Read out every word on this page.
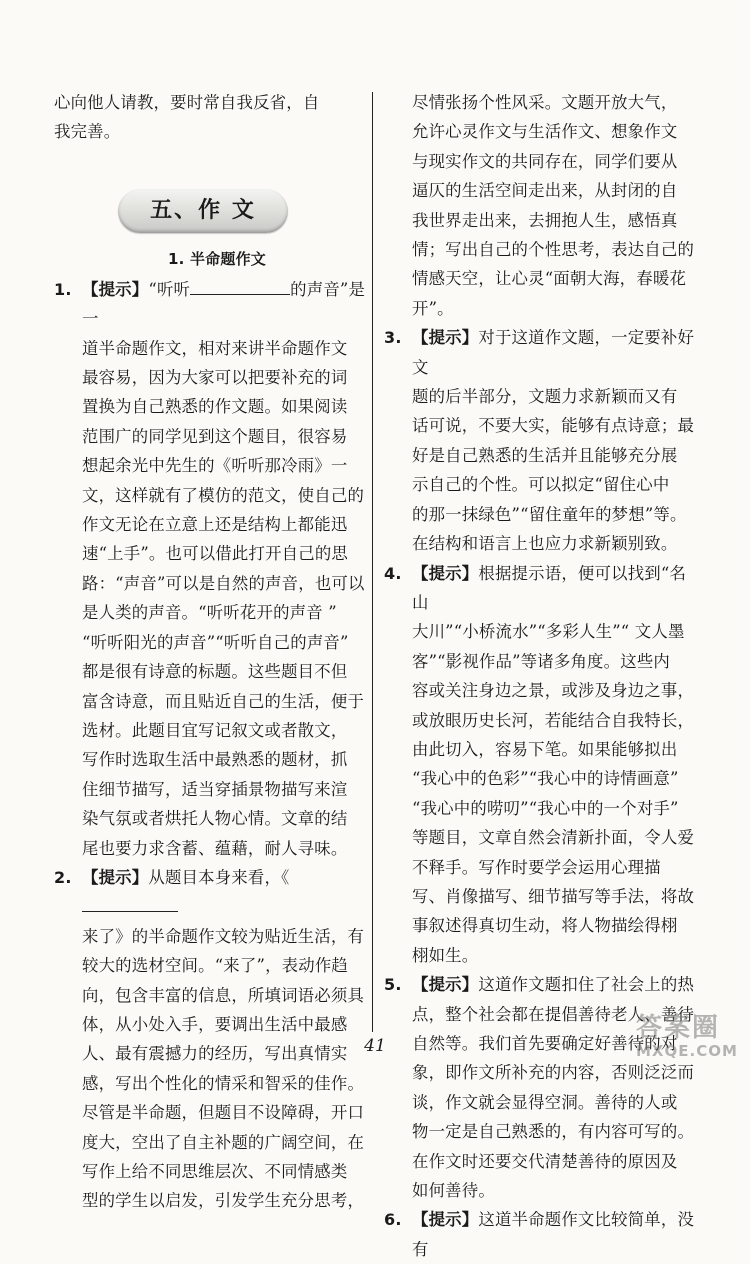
心向他人请教，要时常自我反省，自

我完善。

五、作 文
1. 半命题作文
1. 【提示】“听听	的声音”是一

道半命题作文，相对来讲半命题作文

最容易，因为大家可以把要补充的词

置换为自己熟悉的作文题。如果阅读

范围广的同学见到这个题目，很容易

想起余光中先生的《听听那冷雨》一

文，这样就有了模仿的范文，使自己的

作文无论在立意上还是结构上都能迅

速“上手”。也可以借此打开自己的思

路：“声音”可以是自然的声音，也可以

是人类的声音。“听听花开的声音 ”

“听听阳光的声音”“听听自己的声音”

都是很有诗意的标题。这些题目不但

富含诗意，而且贴近自己的生活，便于

选材。此题目宜写记叙文或者散文，

写作时选取生活中最熟悉的题材，抓

住细节描写，适当穿插景物描写来渲

染气氛或者烘托人物心情。文章的结

尾也要力求含蓄、蕴藉，耐人寻味。

2. 【提示】从题目本身来看，《

来了》的半命题作文较为贴近生活，有

较大的选材空间。“来了”，表动作趋

向，包含丰富的信息，所填词语必须具

体，从小处入手，要调出生活中最感

人、最有震撼力的经历，写出真情实

感，写出个性化的情采和智采的佳作。

尽管是半命题，但题目不设障碍，开口

度大，空出了自主补题的广阔空间，在

写作上给不同思维层次、不同情感类

型的学生以启发，引发学生充分思考，

尽情张扬个性风采。文题开放大气，

允许心灵作文与生活作文、想象作文

与现实作文的共同存在，同学们要从

逼仄的生活空间走出来，从封闭的自

我世界走出来，去拥抱人生，感悟真

情；写出自己的个性思考，表达自己的

情感天空，让心灵“面朝大海，春暖花

开”。

3. 【提示】对于这道作文题，一定要补好文

题的后半部分，文题力求新颖而又有

话可说，不要大实，能够有点诗意；最

好是自己熟悉的生活并且能够充分展

示自己的个性。可以拟定“留住心中

的那一抹绿色”“留住童年的梦想”等。

在结构和语言上也应力求新颖别致。

4. 【提示】根据提示语，便可以找到“名山

大川”“小桥流水”“多彩人生”“ 文人墨

客”“影视作品”等诸多角度。这些内

容或关注身边之景，或涉及身边之事，

或放眼历史长河，若能结合自我特长，

由此切入，容易下笔。如果能够拟出

“我心中的色彩”“我心中的诗情画意”

“我心中的唠叨”“我心中的一个对手”

等题目，文章自然会清新扑面，令人爱

不释手。写作时要学会运用心理描

写、肖像描写、细节描写等手法，将故

事叙述得真切生动，将人物描绘得栩

栩如生。

5. 【提示】这道作文题扣住了社会上的热

点，整个社会都在提倡善待老人、善待

自然等。我们首先要确定好善待的对

象，即作文所补充的内容，否则泛泛而

谈，作文就会显得空洞。善待的人或

物一定是自己熟悉的，有内容可写的。

在作文时还要交代清楚善待的原因及

如何善待。

6. 【提示】这道半命题作文比较简单，没有

41
答案圈
MXQE.COM
